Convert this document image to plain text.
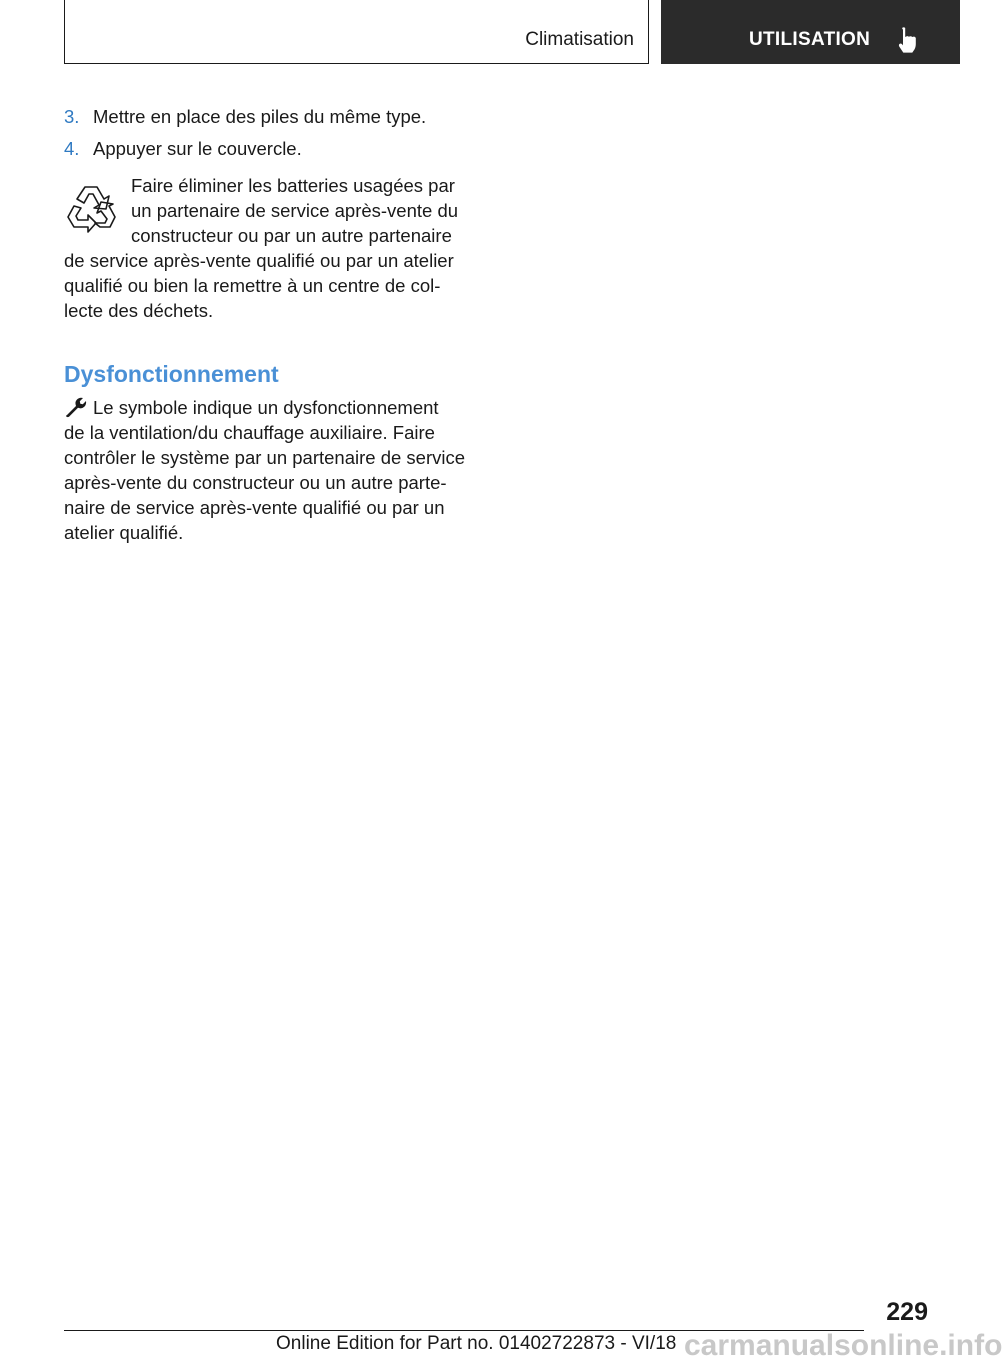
Climatisation	UTILISATION
3. Mettre en place des piles du même type.
4. Appuyer sur le couvercle.
Faire éliminer les batteries usagées par
un partenaire de service après-vente du
constructeur ou par un autre partenaire
de service après-vente qualifié ou par un atelier
qualifié ou bien la remettre à un centre de col-
lecte des déchets.
Dysfonctionnement
Le symbole indique un dysfonctionnement
de la ventilation/du chauffage auxiliaire. Faire
contrôler le système par un partenaire de service
après-vente du constructeur ou un autre parte-
naire de service après-vente qualifié ou par un
atelier qualifié.
229
Online Edition for Part no. 01402722873 - VI/18 carmanualsonline.info
